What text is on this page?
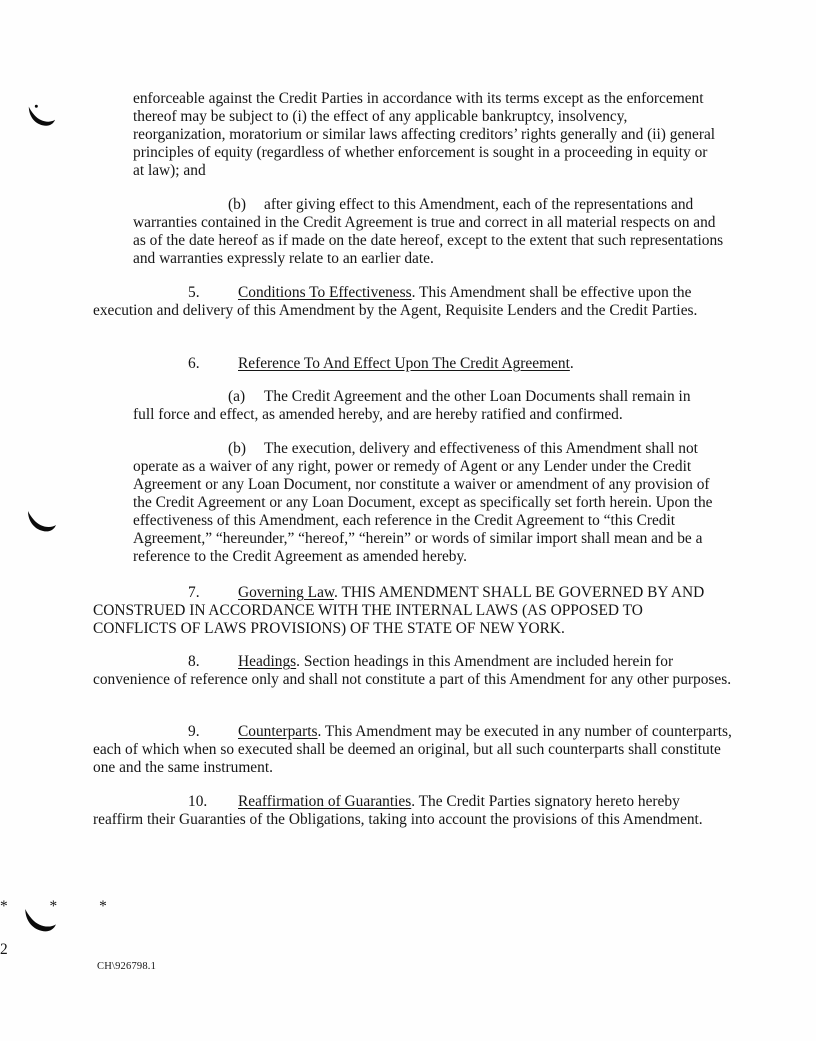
enforceable against the Credit Parties in accordance with its terms except as the enforcement thereof may be subject to (i) the effect of any applicable bankruptcy, insolvency, reorganization, moratorium or similar laws affecting creditors’ rights generally and (ii) general principles of equity (regardless of whether enforcement is sought in a proceeding in equity or at law); and

(b) after giving effect to this Amendment, each of the representations and warranties contained in the Credit Agreement is true and correct in all material respects on and as of the date hereof as if made on the date hereof, except to the extent that such representations and warranties expressly relate to an earlier date.

5. Conditions To Effectiveness. This Amendment shall be effective upon the execution and delivery of this Amendment by the Agent, Requisite Lenders and the Credit Parties.

6. Reference To And Effect Upon The Credit Agreement.

(a) The Credit Agreement and the other Loan Documents shall remain in full force and effect, as amended hereby, and are hereby ratified and confirmed.

(b) The execution, delivery and effectiveness of this Amendment shall not operate as a waiver of any right, power or remedy of Agent or any Lender under the Credit Agreement or any Loan Document, nor constitute a waiver or amendment of any provision of the Credit Agreement or any Loan Document, except as specifically set forth herein. Upon the effectiveness of this Amendment, each reference in the Credit Agreement to “this Credit Agreement,” “hereunder,” “hereof,” “herein” or words of similar import shall mean and be a reference to the Credit Agreement as amended hereby.

7. Governing Law. THIS AMENDMENT SHALL BE GOVERNED BY AND CONSTRUED IN ACCORDANCE WITH THE INTERNAL LAWS (AS OPPOSED TO CONFLICTS OF LAWS PROVISIONS) OF THE STATE OF NEW YORK.

8. Headings. Section headings in this Amendment are included herein for convenience of reference only and shall not constitute a part of this Amendment for any other purposes.

9. Counterparts. This Amendment may be executed in any number of counterparts, each of which when so executed shall be deemed an original, but all such counterparts shall constitute one and the same instrument.

10. Reaffirmation of Guaranties. The Credit Parties signatory hereto hereby reaffirm their Guaranties of the Obligations, taking into account the provisions of this Amendment.

* * *

2

CH\926798.1
